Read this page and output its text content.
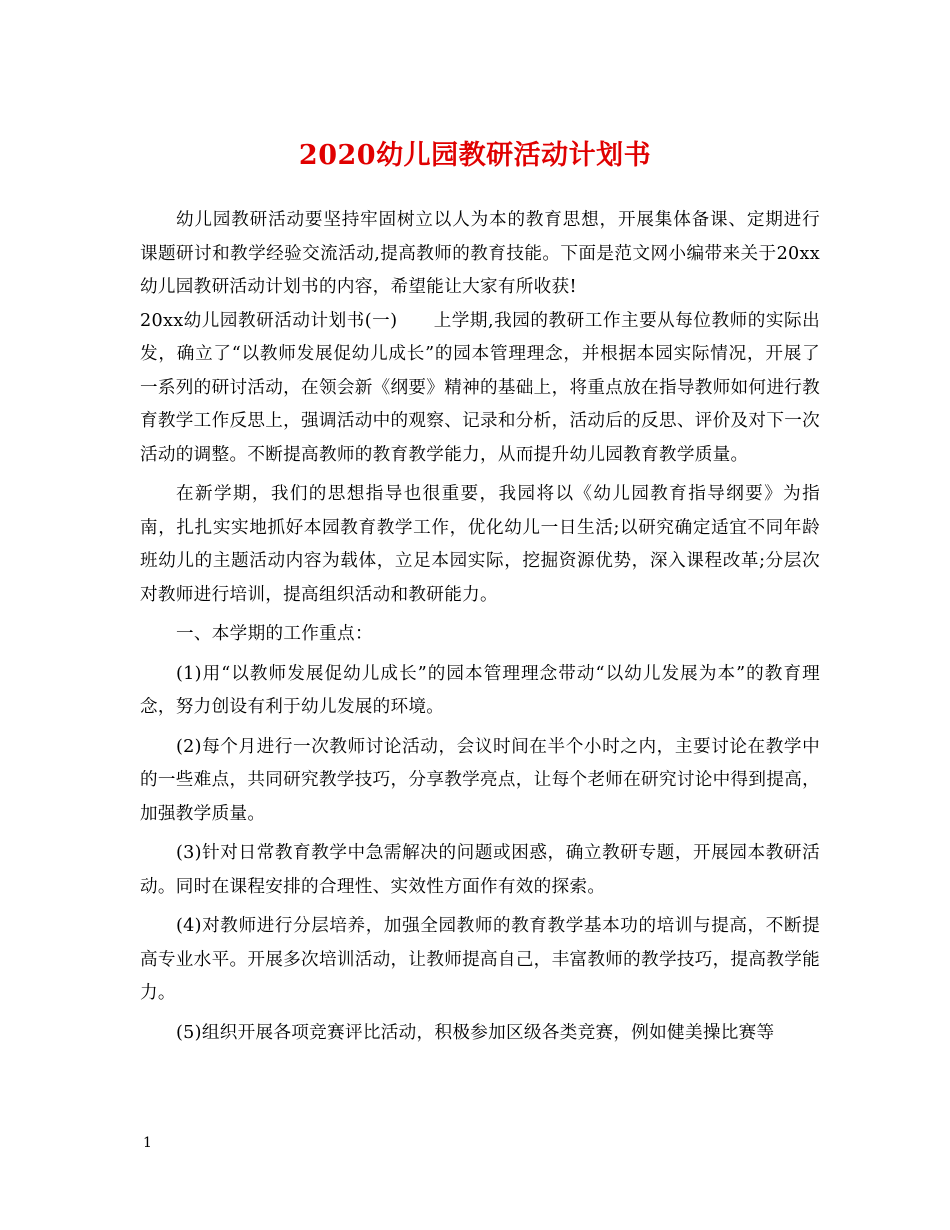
2020幼儿园教研活动计划书

幼儿园教研活动要坚持牢固树立以人为本的教育思想，开展集体备课、定期进行课题研讨和教学经验交流活动,提高教师的教育技能。下面是范文网小编带来关于20xx幼儿园教研活动计划书的内容，希望能让大家有所收获!

20xx幼儿园教研活动计划书(一) 上学期,我园的教研工作主要从每位教师的实际出发，确立了“以教师发展促幼儿成长”的园本管理理念，并根据本园实际情况，开展了一系列的研讨活动，在领会新《纲要》精神的基础上，将重点放在指导教师如何进行教育教学工作反思上，强调活动中的观察、记录和分析，活动后的反思、评价及对下一次活动的调整。不断提高教师的教育教学能力，从而提升幼儿园教育教学质量。

在新学期，我们的思想指导也很重要，我园将以《幼儿园教育指导纲要》为指南，扎扎实实地抓好本园教育教学工作，优化幼儿一日生活;以研究确定适宜不同年龄班幼儿的主题活动内容为载体，立足本园实际，挖掘资源优势，深入课程改革;分层次对教师进行培训，提高组织活动和教研能力。

一、本学期的工作重点：

(1)用“以教师发展促幼儿成长”的园本管理理念带动“以幼儿发展为本”的教育理念，努力创设有利于幼儿发展的环境。

(2)每个月进行一次教师讨论活动，会议时间在半个小时之内，主要讨论在教学中的一些难点，共同研究教学技巧，分享教学亮点，让每个老师在研究讨论中得到提高，加强教学质量。

(3)针对日常教育教学中急需解决的问题或困惑，确立教研专题，开展园本教研活动。同时在课程安排的合理性、实效性方面作有效的探索。

(4)对教师进行分层培养，加强全园教师的教育教学基本功的培训与提高，不断提高专业水平。开展多次培训活动，让教师提高自己，丰富教师的教学技巧，提高教学能力。

(5)组织开展各项竞赛评比活动，积极参加区级各类竞赛，例如健美操比赛等

1
